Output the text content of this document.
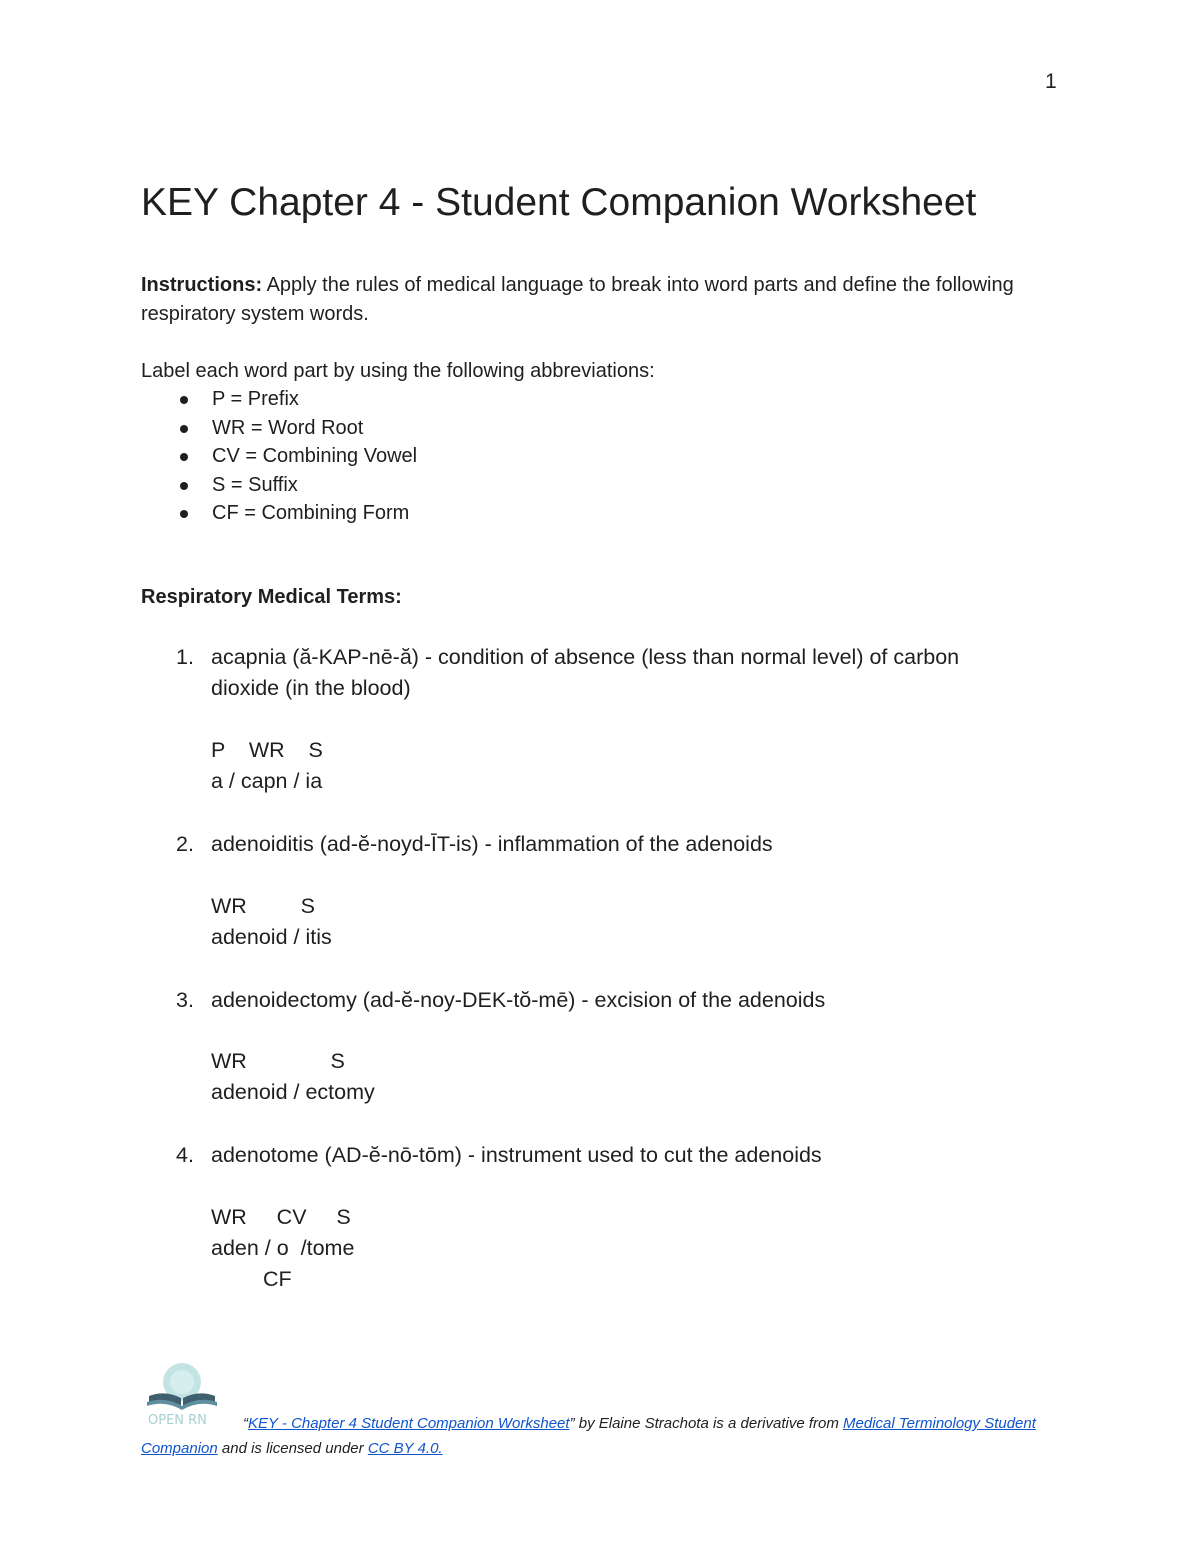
1
KEY Chapter 4 - Student Companion Worksheet
Instructions: Apply the rules of medical language to break into word parts and define the following respiratory system words.
Label each word part by using the following abbreviations:
P = Prefix
WR = Word Root
CV = Combining Vowel
S = Suffix
CF = Combining Form
Respiratory Medical Terms:
1. acapnia (ă-KAP-nē-ă) - condition of absence (less than normal level) of carbon
dioxide (in the blood)
P    WR    S
a / capn / ia
2. adenoiditis (ad-ĕ-noyd-ĪT-is) - inflammation of the adenoids
WR         S
adenoid / itis
3. adenoidectomy (ad-ĕ-noy-DEK-tŏ-mē) - excision of the adenoids
WR              S
adenoid / ectomy
4. adenotome (AD-ĕ-nō-tōm) - instrument used to cut the adenoids
WR     CV     S
aden / o  /tome
CF
OPEN RN	“KEY - Chapter 4 Student Companion Worksheet” by Elaine Strachota is a derivative from Medical Terminology Student Companion and is licensed under CC BY 4.0.
